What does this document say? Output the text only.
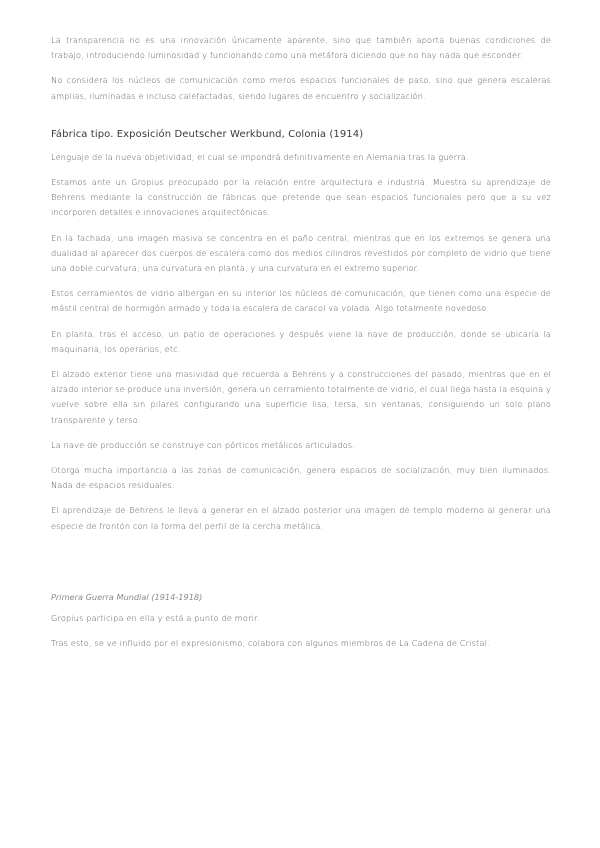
La transparencia no es una innovación únicamente aparente, sino que también aporta buenas condiciones de trabajo, introduciendo luminosidad y funcionando como una metáfora diciendo que no hay nada que esconder.

No considera los núcleos de comunicación como meros espacios funcionales de paso, sino que genera escaleras amplias, iluminadas e incluso calefactadas, siendo lugares de encuentro y socialización.

Fábrica tipo. Exposición Deutscher Werkbund, Colonia (1914)

Lenguaje de la nueva objetividad, el cual se impondrá definitivamente en Alemania tras la guerra.

Estamos ante un Gropius preocupado por la relación entre arquitectura e industria. Muestra su aprendizaje de Behrens mediante la construcción de fábricas que pretende que sean espacios funcionales pero que a su vez incorporen detalles e innovaciones arquitectónicas.

En la fachada, una imagen masiva se concentra en el paño central, mientras que en los extremos se genera una dualidad al aparecer dos cuerpos de escalera como dos medios cilindros revestidos por completo de vidrio que tiene una doble curvatura; una curvatura en planta, y una curvatura en el extremo superior.

Estos cerramientos de vidrio albergan en su interior los núcleos de comunicación, que tienen como una especie de mástil central de hormigón armado y toda la escalera de caracol va volada. Algo totalmente novedoso.

En planta, tras el acceso, un patio de operaciones y después viene la nave de producción, donde se ubicaría la maquinaria, los operarios, etc.

El alzado exterior tiene una masividad que recuerda a Behrens y a construcciones del pasado, mientras que en el alzado interior se produce una inversión, genera un cerramiento totalmente de vidrio, el cual llega hasta la esquina y vuelve sobre ella sin pilares configurando una superficie lisa, tersa, sin ventanas, consiguiendo un solo plano transparente y terso.

La nave de producción se construye con pórticos metálicos articulados.

Otorga mucha importancia a las zonas de comunicación, genera espacios de socialización, muy bien iluminados. Nada de espacios residuales.

El aprendizaje de Behrens le lleva a generar en el alzado posterior una imagen de templo moderno al generar una especie de frontón con la forma del perfil de la cercha metálica.

Primera Guerra Mundial (1914-1918)

Gropius participa en ella y está a punto de morir.

Tras esto, se ve influido por el expresionismo, colabora con algunos miembros de La Cadena de Cristal.
